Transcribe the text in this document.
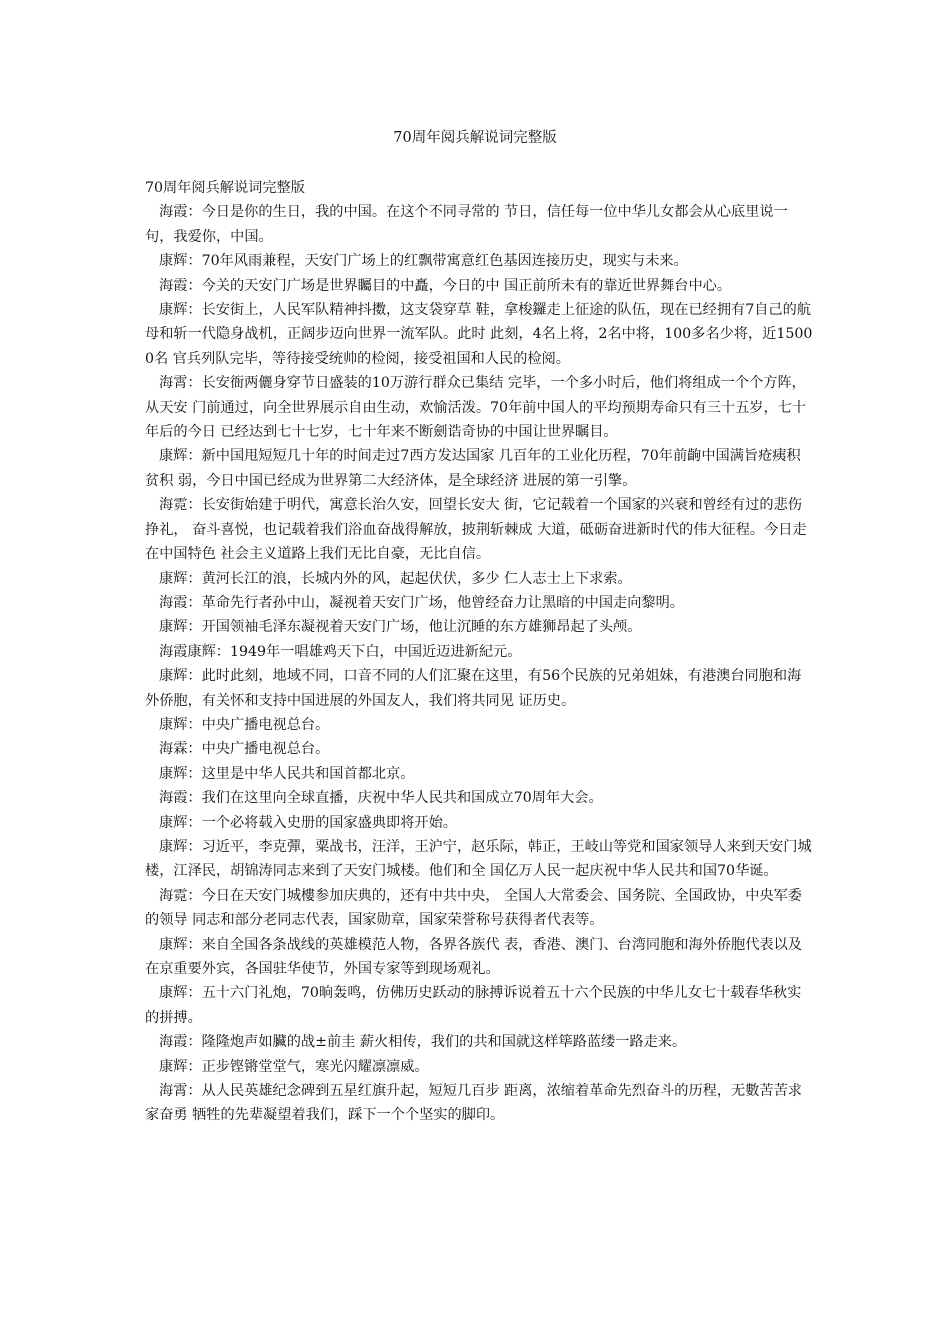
70周年阅兵解说词完整版

70周年阅兵解说词完整版

海霞：今日是你的生日，我的中国。在这个不同寻常的 节日，信任每一位中华儿女都会从心底里说一句，我爱你，中国。

康辉：70年风雨兼程，天安门广场上的红飘带寓意红色基因连接历史，现实与未来。

海霞：今关的天安门广场是世界矚目的中矗，今日的中 国正前所未有的靠近世界舞台中心。

康辉：长安街上，人民军队精神抖擞，这支袋穿草 鞋，拿梭鑼走上征途的队伍，现在已经拥有7自己的航 母和斩一代隐身战机，正阔步迈向世界一流军队。此时 此刻，4名上将，2名中将，100多名少将，近15000名 官兵列队完毕，等待接受统帅的检阅，接受祖国和人民的检阅。

海霄：长安衙两儷身穿节日盛装的10万游行群众已集结 完毕，一个多小时后，他们将组成一个个方阵，从天安 门前通过，向全世界展示自由生动，欢愉活泼。70年前中国人的平均预期寿命只有三十五岁，七十年后的今日 已经达到七十七岁，七十年来不断劍诰奇协的中国让世界瞩目。

康辉：新中国甩短短几十年的时间走过7西方发达国家 几百年的工业化历程，70年前齣中国满旨疮痍积贫积 弱，今日中国已经成为世界第二大经济体，是全球经济 进展的第一引擎。

海霓：长安街始建于明代，寓意长治久安，回望长安大 街，它记载着一个国家的兴衰和曾经有过的悲伤挣礼， 奋斗喜悦，也记载着我们浴血奋战得解放，披荆斩棘成 大道，砥砺奋进新时代的伟大征程。今日走在中国特色 社会主义道路上我们无比自豪，无比自信。

康辉：黄河长江的浪，长城内外的风，起起伏伏，多少 仁人志士上下求索。

海霞：革命先行者孙中山，凝视着天安门广场，他曾经奋力让黑暗的中国走向黎明。

康辉：开国领袖毛泽东凝视着天安门广场，他让沉睡的东方雄狮昂起了头颅。

海霞康辉：1949年一唱雄鸡天下白，中国近迈进新紀元。

康辉：此时此刻，地域不同，口音不同的人们汇聚在这里，有56个民族的兄弟姐妹，有港澳台同胞和海外侨胞，有关怀和支持中国进展的外国友人，我们将共同见 证历史。

康辉：中央广播电视总台。

海霖：中央广播电视总台。

康辉：这里是中华人民共和国首都北京。

海霞：我们在这里向全球直播，庆祝中华人民共和国成立70周年大会。

康辉：一个必将载入史册的国家盛典即将开始。

康辉：习近平，李克彈，粟战书，汪洋，王沪宁，赵乐际，韩正，王岐山等党和国家领导人来到天安门城楼，江泽民，胡锦涛同志来到了天安门城楼。他们和全 国亿万人民一起庆祝中华人民共和国70华诞。

海霓：今日在天安门城樓参加庆典的，还有中共中央， 全国人大常委会、国务院、全国政协，中央军委的领导 同志和部分老同志代表，国家勋章，国家荣誉称号获得者代表等。

康辉：来自全国各条战线的英雄模范人物，各界各族代 表，香港、澳门、台湾同胞和海外侨胞代表以及在京重要外宾，各国驻华使节，外国专家等到现场观礼。

康辉：五十六门礼炮，70晌轰鸣，仿佛历史跃动的脉搏诉说着五十六个民族的中华儿女七十载春华秋实的拼搏。

海霞：隆隆炮声如臟的战±前圭 薪火相传，我们的共和国就这样筚路蓝缕一路走来。

康辉：正步铿锵堂堂气，寒光闪耀凛凛威。

海霄：从人民英雄纪念碑到五星红旗升起，短短几百步 距离，浓缩着革命先烈奋斗的历程，无數苦苦求家奋勇 牺牲的先辈凝望着我们，踩下一个个坚实的脚印。
